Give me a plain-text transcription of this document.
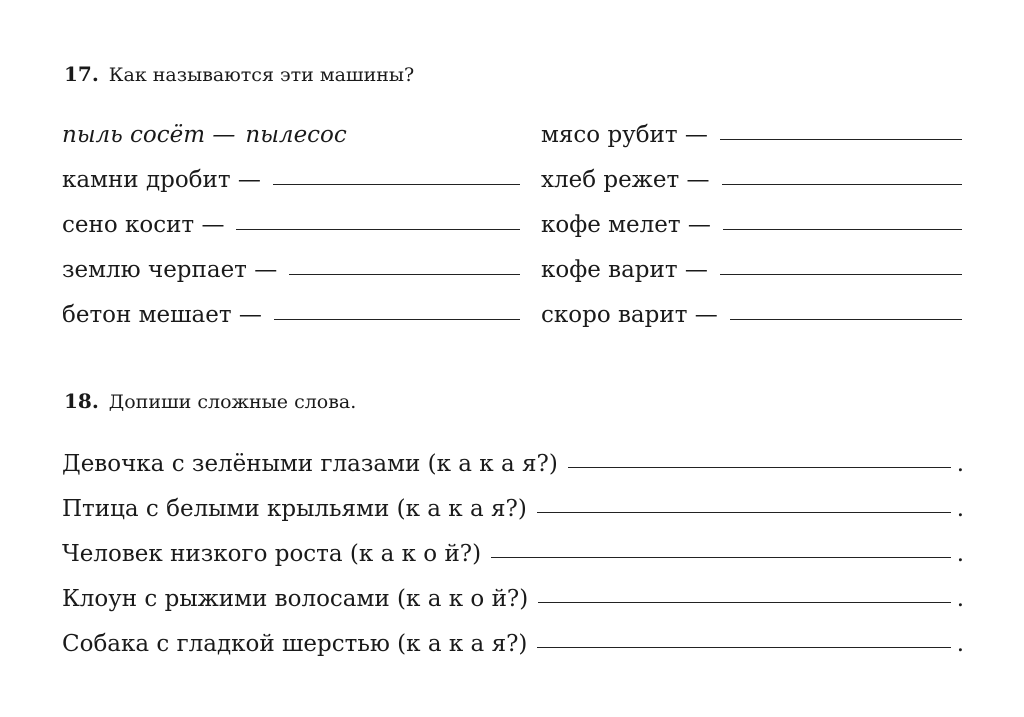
17. Как называются эти машины?
пыль сосёт — пылесос
камни дробит —
сено косит —
землю черпает —
бетон мешает —
мясо рубит —
хлеб режет —
кофе мелет —
кофе варит —
скоро варит —
18. Допиши сложные слова.
Девочка с зелёными глазами (к а к а я?)	.
Птица с белыми крыльями (к а к а я?)	.
Человек низкого роста (к а к о й?)	.
Клоун с рыжими волосами (к а к о й?)	.
Собака с гладкой шерстью (к а к а я?)	.
